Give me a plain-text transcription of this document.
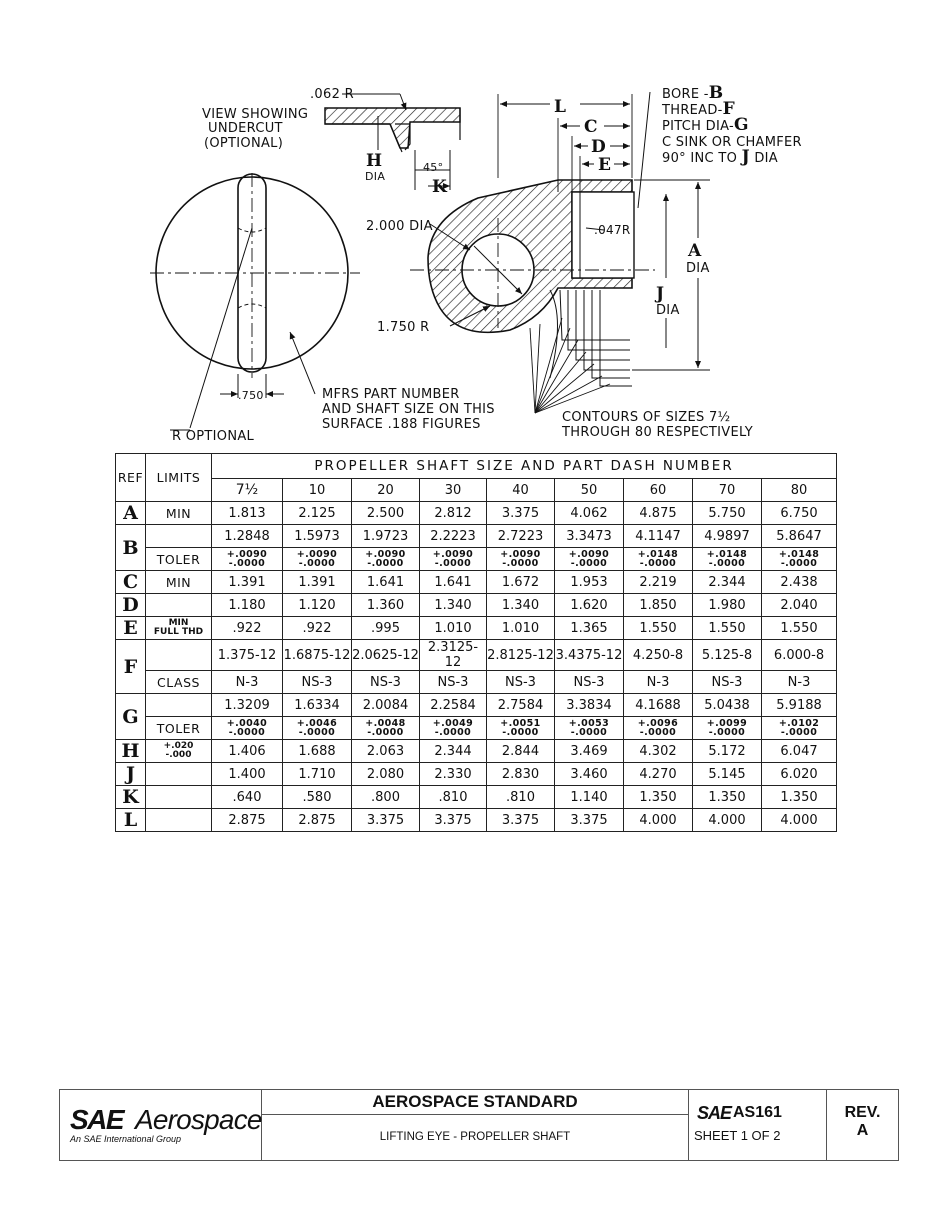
.062 R
VIEW SHOWING
UNDERCUT
(OPTIONAL)
H
DIA
45°
K
.750	MFRS PART NUMBER
AND SHAFT SIZE ON THIS
SURFACE .188 FIGURES
R OPTIONAL
L
C
D
E
2.000 DIA	.047R
A
DIA
J
DIA
1.750 R
CONTOURS OF SIZES 7½
THROUGH 80 RESPECTIVELY
BORE -B
THREAD-F
PITCH DIA-G
C SINK OR CHAMFER
90° INC TO J DIA
REF	LIMITS	PROPELLER SHAFT SIZE AND PART DASH NUMBER								
		7½	10	20	30	40	50	60	70	80
A	MIN	1.813	2.125	2.500	2.812	3.375	4.062	4.875	5.750	6.750
B		1.2848	1.5973	1.9723	2.2223	2.7223	3.3473	4.1147	4.9897	5.8647
	TOLER	+.0090
-.0000	+.0090
-.0000	+.0090
-.0000	+.0090
-.0000	+.0090
-.0000	+.0090
-.0000	+.0148
-.0000	+.0148
-.0000	+.0148
-.0000
C	MIN	1.391	1.391	1.641	1.641	1.672	1.953	2.219	2.344	2.438
D		1.180	1.120	1.360	1.340	1.340	1.620	1.850	1.980	2.040
E	MIN
FULL THD	.922	.922	.995	1.010	1.010	1.365	1.550	1.550	1.550
F		1.375-12	1.6875-12	2.0625-12	2.3125-12	2.8125-12	3.4375-12	4.250-8	5.125-8	6.000-8
	CLASS	N-3	NS-3	NS-3	NS-3	NS-3	NS-3	N-3	NS-3	N-3
G		1.3209	1.6334	2.0084	2.2584	2.7584	3.3834	4.1688	5.0438	5.9188
	TOLER	+.0040
-.0000	+.0046
-.0000	+.0048
-.0000	+.0049
-.0000	+.0051
-.0000	+.0053
-.0000	+.0096
-.0000	+.0099
-.0000	+.0102
-.0000
H	+.020
-.000	1.406	1.688	2.063	2.344	2.844	3.469	4.302	5.172	6.047
J		1.400	1.710	2.080	2.330	2.830	3.460	4.270	5.145	6.020
K		.640	.580	.800	.810	.810	1.140	1.350	1.350	1.350
L		2.875	2.875	3.375	3.375	3.375	3.375	4.000	4.000	4.000
SAE Aerospace
An SAE International Group
AEROSPACE STANDARD
LIFTING EYE - PROPELLER SHAFT
SAE AS161
SHEET 1 OF 2
REV.
A
